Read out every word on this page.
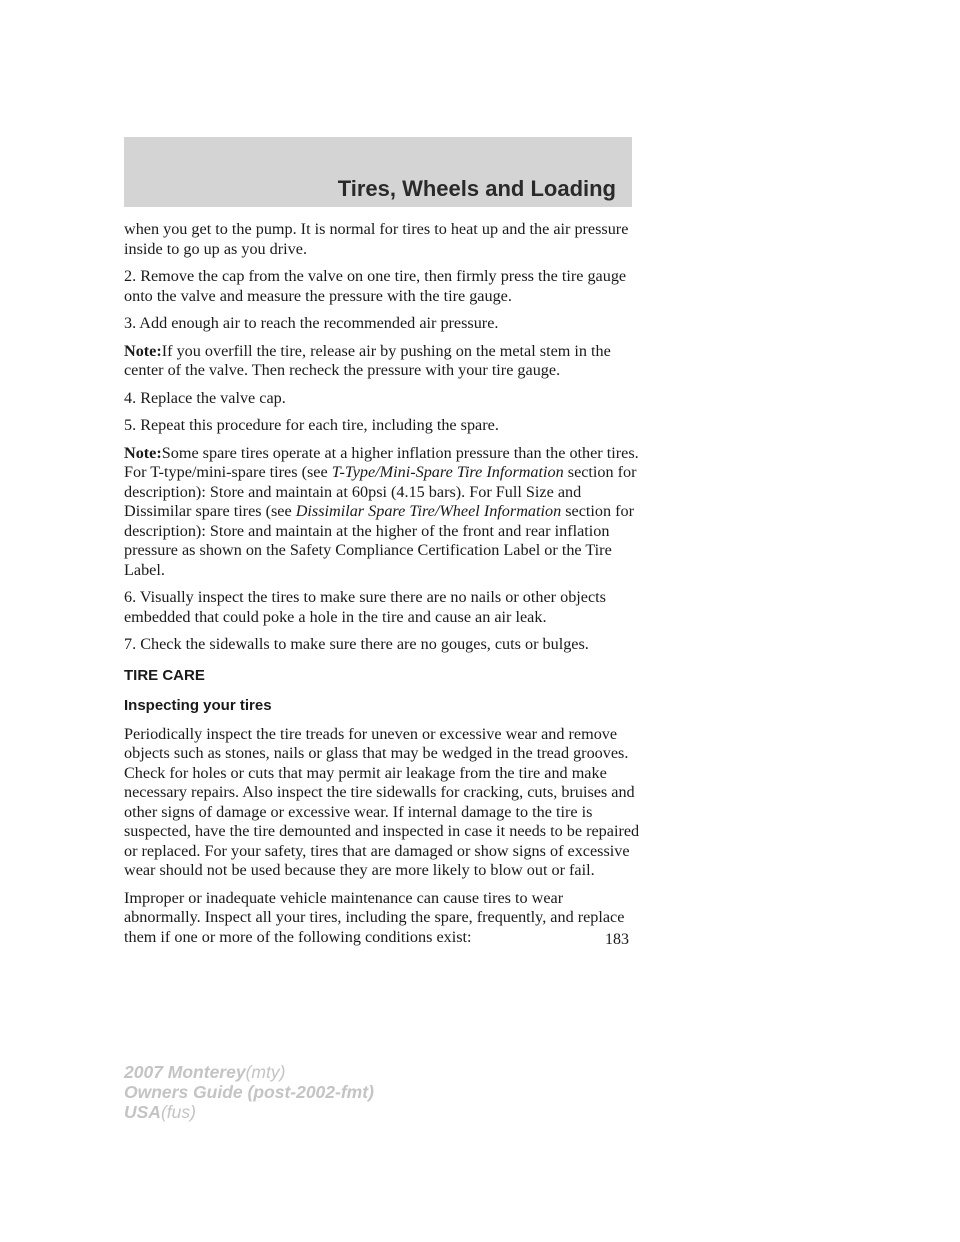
Tires, Wheels and Loading

when you get to the pump. It is normal for tires to heat up and the air pressure inside to go up as you drive.

2. Remove the cap from the valve on one tire, then firmly press the tire gauge onto the valve and measure the pressure with the tire gauge.

3. Add enough air to reach the recommended air pressure.

Note:If you overfill the tire, release air by pushing on the metal stem in the center of the valve. Then recheck the pressure with your tire gauge.

4. Replace the valve cap.

5. Repeat this procedure for each tire, including the spare.

Note:Some spare tires operate at a higher inflation pressure than the other tires. For T-type/mini-spare tires (see T-Type/Mini-Spare Tire Information section for description): Store and maintain at 60psi (4.15 bars). For Full Size and Dissimilar spare tires (see Dissimilar Spare Tire/Wheel Information section for description): Store and maintain at the higher of the front and rear inflation pressure as shown on the Safety Compliance Certification Label or the Tire Label.

6. Visually inspect the tires to make sure there are no nails or other objects embedded that could poke a hole in the tire and cause an air leak.

7. Check the sidewalls to make sure there are no gouges, cuts or bulges.

TIRE CARE
Inspecting your tires

Periodically inspect the tire treads for uneven or excessive wear and remove objects such as stones, nails or glass that may be wedged in the tread grooves. Check for holes or cuts that may permit air leakage from the tire and make necessary repairs. Also inspect the tire sidewalls for cracking, cuts, bruises and other signs of damage or excessive wear. If internal damage to the tire is suspected, have the tire demounted and inspected in case it needs to be repaired or replaced. For your safety, tires that are damaged or show signs of excessive wear should not be used because they are more likely to blow out or fail.

Improper or inadequate vehicle maintenance can cause tires to wear abnormally. Inspect all your tires, including the spare, frequently, and replace them if one or more of the following conditions exist:	183
2007 Monterey(mty)
Owners Guide (post-2002-fmt)
USA(fus)
